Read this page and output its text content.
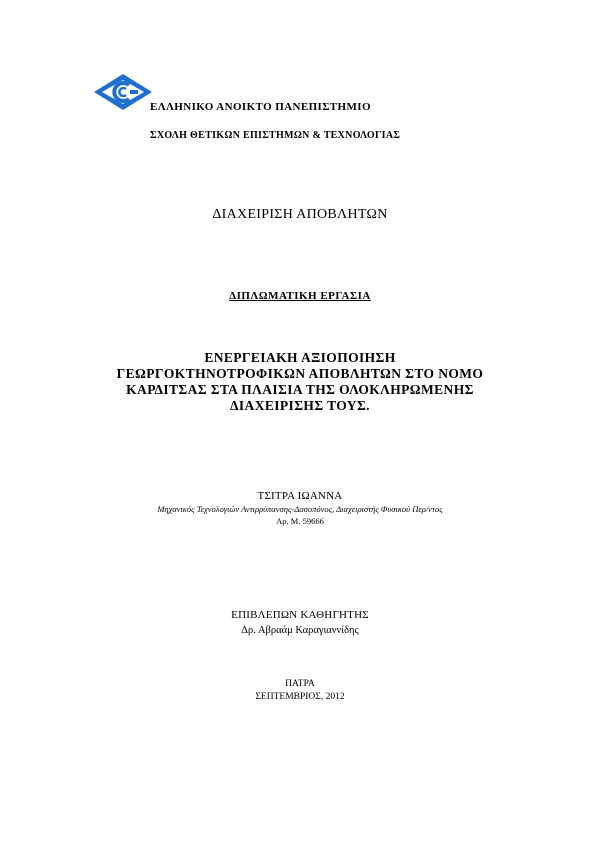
ΕΛΛΗΝΙΚΟ ΑΝΟΙΚΤΟ ΠΑΝΕΠΙΣΤΗΜΙΟ
ΣΧΟΛΗ ΘΕΤΙΚΩΝ ΕΠΙΣΤΗΜΩΝ & ΤΕΧΝΟΛΟΓΙΑΣ
ΔΙΑΧΕΙΡΙΣΗ ΑΠΟΒΛΗΤΩΝ
ΔΙΠΛΩΜΑΤΙΚΗ ΕΡΓΑΣΙΑ
ΕΝΕΡΓΕΙΑΚΗ ΑΞΙΟΠΟΙΗΣΗ
ΓΕΩΡΓΟΚΤΗΝΟΤΡΟΦΙΚΩΝ ΑΠΟΒΛΗΤΩΝ ΣΤΟ ΝΟΜΟ
ΚΑΡΔΙΤΣΑΣ ΣΤΑ ΠΛΑΙΣΙΑ ΤΗΣ ΟΛΟΚΛΗΡΩΜΕΝΗΣ
ΔΙΑΧΕΙΡΙΣΗΣ ΤΟΥΣ.
ΤΣΙΤΡΑ ΙΩΑΝΝΑ
Μηχανικός Τεχνολογιών Αντιρρύπανσης-Δασοπόνος, Διαχειριστής Φυσικού Περ/ντος
Αρ. Μ. 59666
ΕΠΙΒΛΕΠΩΝ ΚΑΘΗΓΗΤΗΣ
Δρ. Αβραάμ Καραγιαννίδης
ΠΑΤΡΑ
ΣΕΠΤΕΜΒΡΙΟΣ, 2012
